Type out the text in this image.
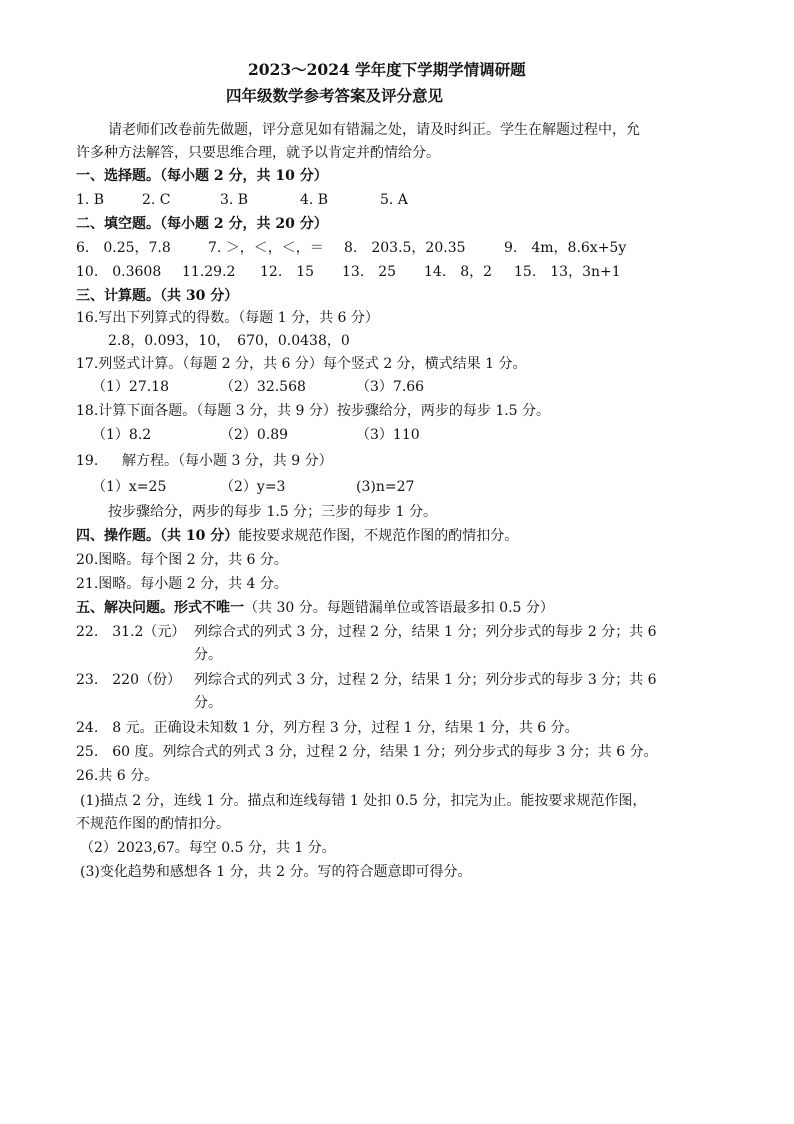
2023～2024 学年度下学期学情调研题
四年级数学参考答案及评分意见
请老师们改卷前先做题，评分意见如有错漏之处，请及时纠正。学生在解题过程中，允
许多种方法解答，只要思维合理，就予以肯定并酌情给分。
一、选择题。（每小题 2 分，共 10 分）
1. B	2. C	3. B	4. B	5. A
二、填空题。（每小题 2 分，共 20 分）
6.　0.25，7.8	7. ＞，＜，＜，＝ 8.　203.5，20.35	9.　4m，8.6x+5y
10.　0.3608 11.29.2 12.　15 13.　25 14.　8，2 15.　13，3n+1
三、计算题。（共 30 分）
16.写出下列算式的得数。（每题 1 分，共 6 分）
2.8，0.093，10，　670，0.0438，0
17.列竖式计算。（每题 2 分，共 6 分）每个竖式 2 分，横式结果 1 分。
（1）27.18	（2）32.568	（3）7.66
18.计算下面各题。（每题 3 分，共 9 分）按步骤给分，两步的每步 1.5 分。
（1）8.2	（2）0.89	（3）110
19. 解方程。（每小题 3 分，共 9 分）
（1）x=25	（2）y=3	(3)n=27
按步骤给分，两步的每步 1.5 分；三步的每步 1 分。
四、操作题。（共 10 分）能按要求规范作图，不规范作图的酌情扣分。
20.图略。每个图 2 分，共 6 分。
21.图略。每小题 2 分，共 4 分。
五、解决问题。形式不唯一（共 30 分。每题错漏单位或答语最多扣 0.5 分）
22.　31.2（元） 列综合式的列式 3 分，过程 2 分，结果 1 分；列分步式的每步 2 分；共 6
分。
23.　220（份） 列综合式的列式 3 分，过程 2 分，结果 1 分；列分步式的每步 3 分；共 6
分。
24.　8 元。正确设未知数 1 分，列方程 3 分，过程 1 分，结果 1 分，共 6 分。
25.　60 度。列综合式的列式 3 分，过程 2 分，结果 1 分；列分步式的每步 3 分；共 6 分。
26.共 6 分。
(1)描点 2 分，连线 1 分。描点和连线每错 1 处扣 0.5 分，扣完为止。能按要求规范作图，
不规范作图的酌情扣分。
（2）2023,67。每空 0.5 分，共 1 分。
(3)变化趋势和感想各 1 分，共 2 分。写的符合题意即可得分。
